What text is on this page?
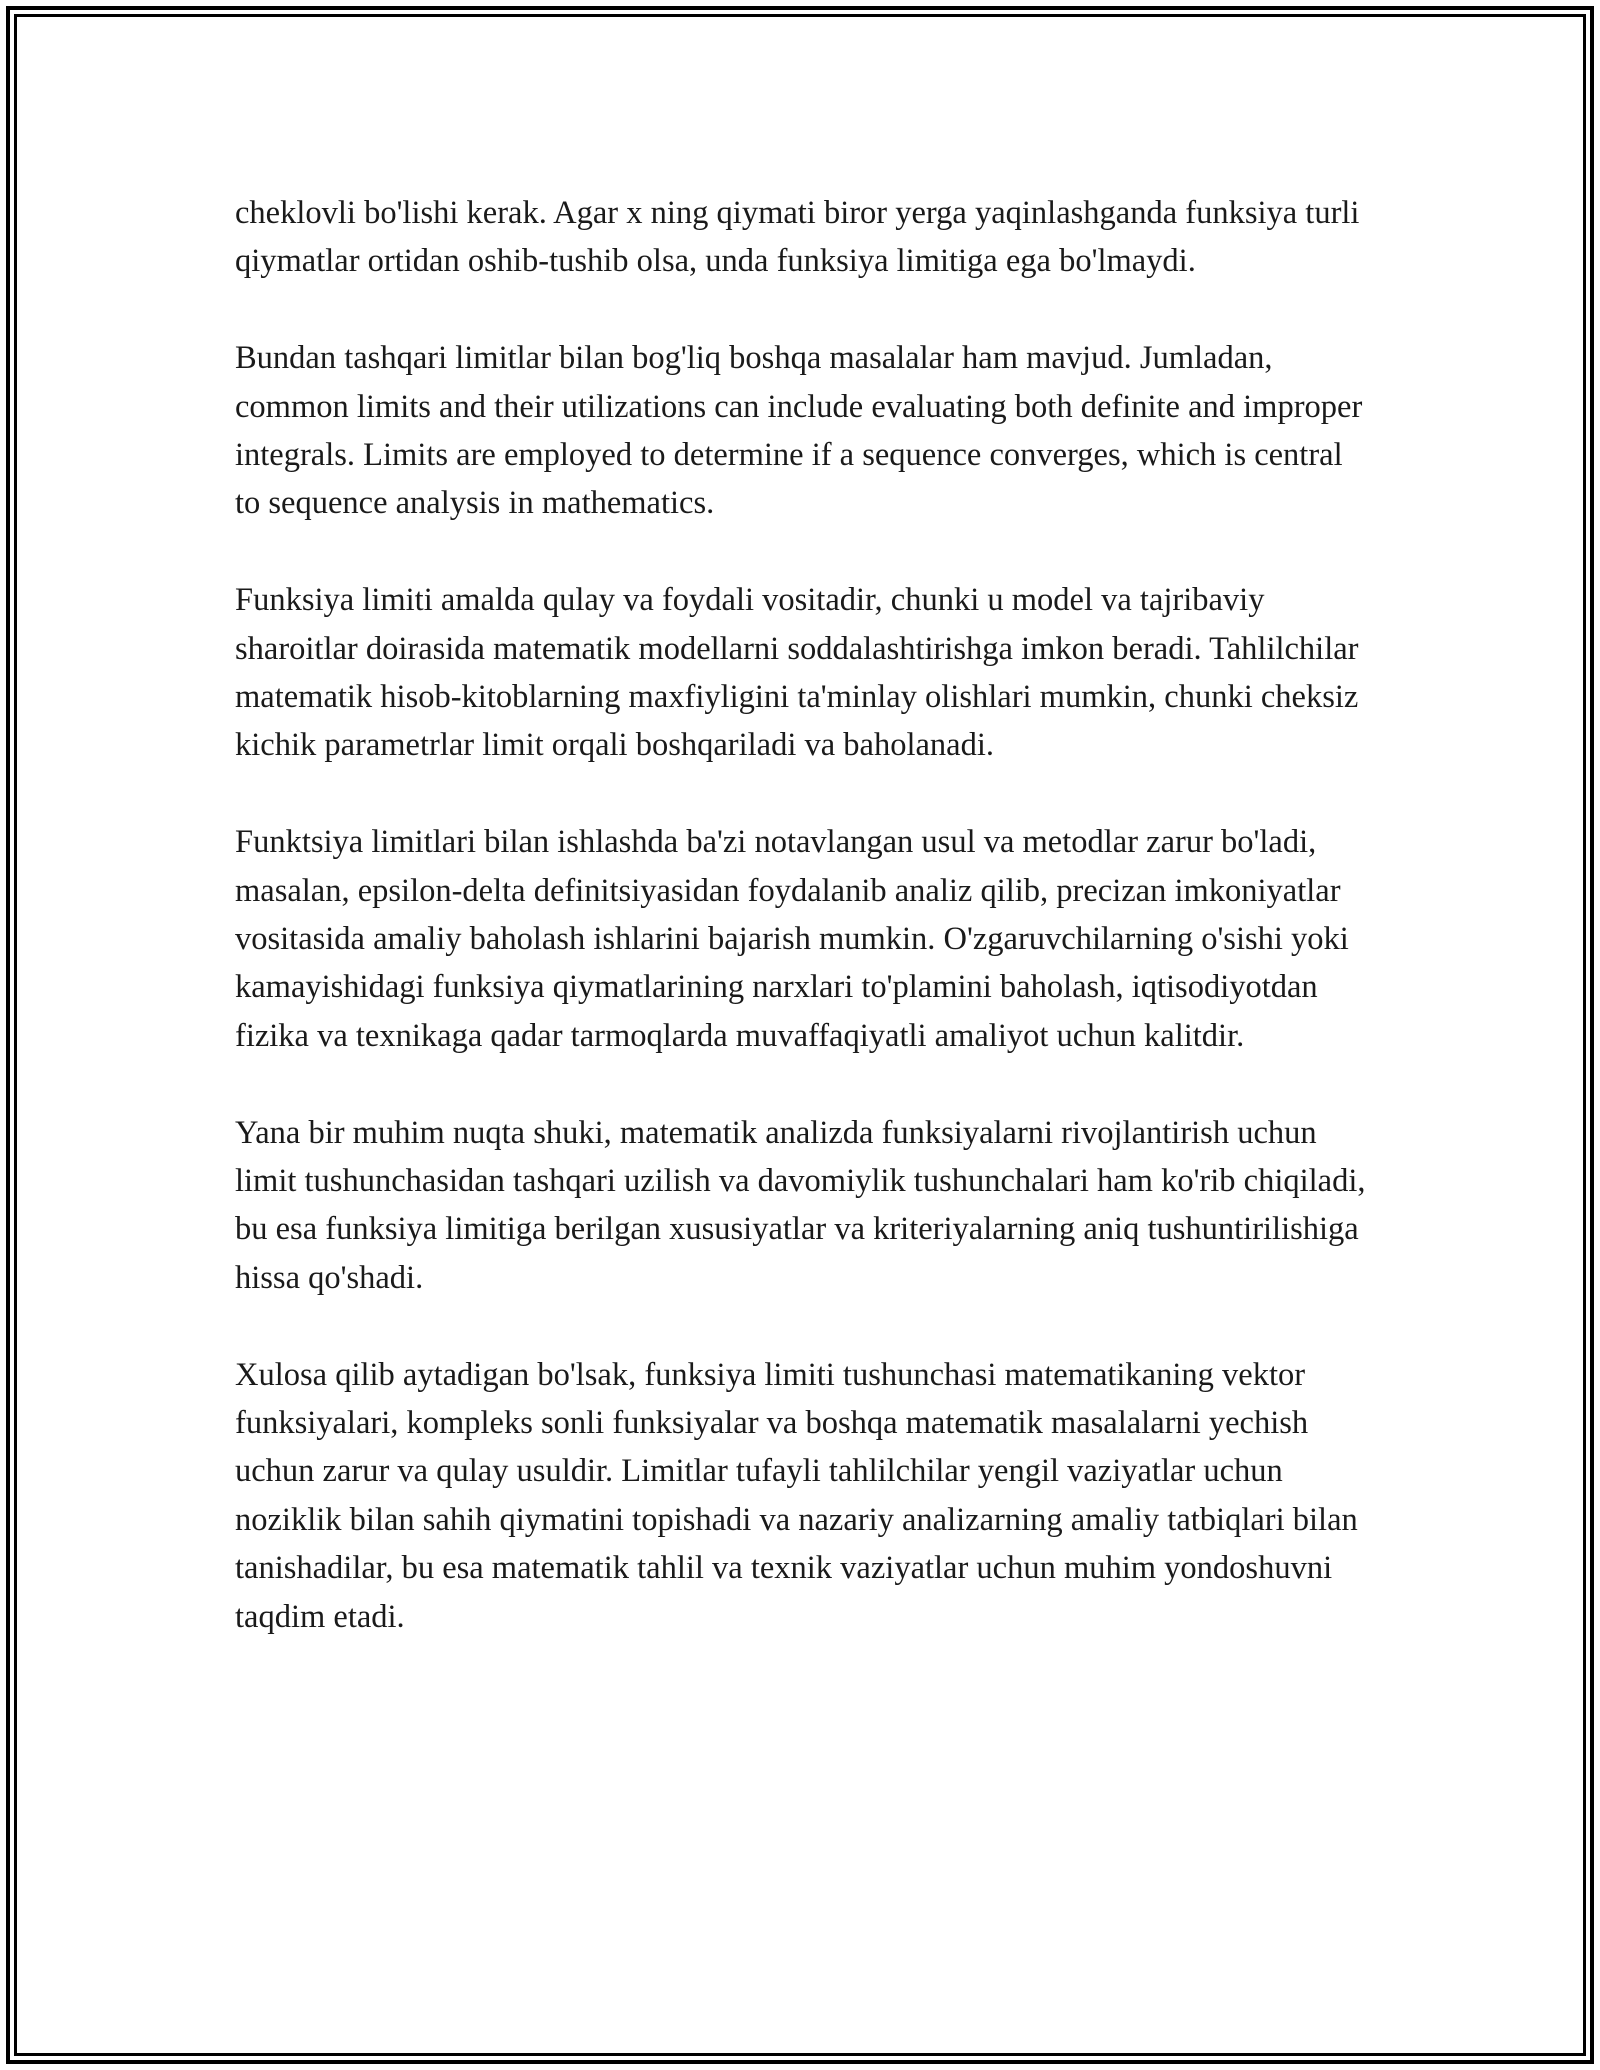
cheklovli bo'lishi kerak. Agar x ning qiymati biror yerga yaqinlashganda funksiya turli qiymatlar ortidan oshib-tushib olsa, unda funksiya limitiga ega bo'lmaydi.

Bundan tashqari limitlar bilan bog'liq boshqa masalalar ham mavjud. Jumladan, common limits and their utilizations can include evaluating both definite and improper integrals. Limits are employed to determine if a sequence converges, which is central to sequence analysis in mathematics.

Funksiya limiti amalda qulay va foydali vositadir, chunki u model va tajribaviy sharoitlar doirasida matematik modellarni soddalashtirishga imkon beradi. Tahlilchilar matematik hisob-kitoblarning maxfiyligini ta'minlay olishlari mumkin, chunki cheksiz kichik parametrlar limit orqali boshqariladi va baholanadi.

Funktsiya limitlari bilan ishlashda ba'zi notavlangan usul va metodlar zarur bo'ladi, masalan, epsilon-delta definitsiyasidan foydalanib analiz qilib, precizan imkoniyatlar vositasida amaliy baholash ishlarini bajarish mumkin. O'zgaruvchilarning o'sishi yoki kamayishidagi funksiya qiymatlarining narxlari to'plamini baholash, iqtisodiyotdan fizika va texnikaga qadar tarmoqlarda muvaffaqiyatli amaliyot uchun kalitdir.

Yana bir muhim nuqta shuki, matematik analizda funksiyalarni rivojlantirish uchun limit tushunchasidan tashqari uzilish va davomiylik tushunchalari ham ko'rib chiqiladi, bu esa funksiya limitiga berilgan xususiyatlar va kriteriyalarning aniq tushuntirilishiga hissa qo'shadi.

Xulosa qilib aytadigan bo'lsak, funksiya limiti tushunchasi matematikaning vektor funksiyalari, kompleks sonli funksiyalar va boshqa matematik masalalarni yechish uchun zarur va qulay usuldir. Limitlar tufayli tahlilchilar yengil vaziyatlar uchun noziklik bilan sahih qiymatini topishadi va nazariy analizarning amaliy tatbiqlari bilan tanishadilar, bu esa matematik tahlil va texnik vaziyatlar uchun muhim yondoshuvni taqdim etadi.
